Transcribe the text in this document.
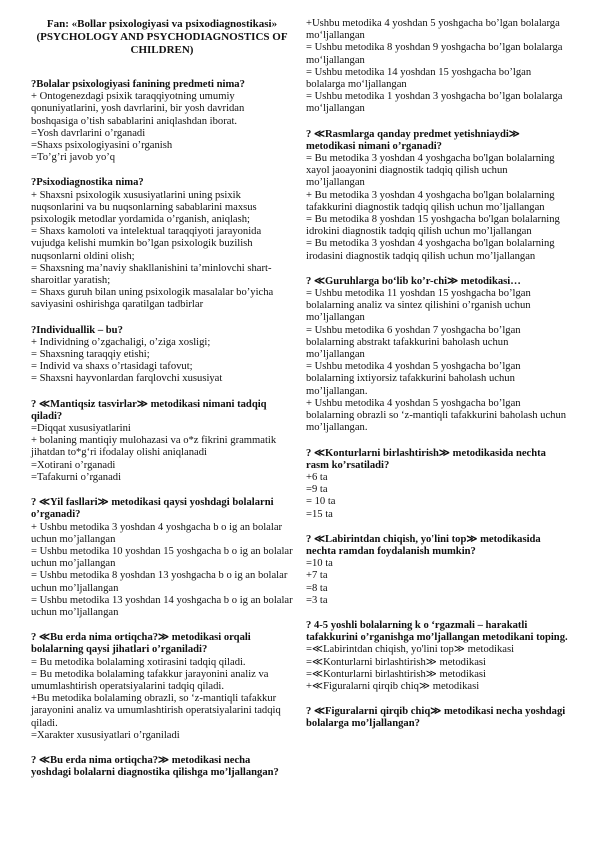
Fan: «Bollar psixologiyasi va psixodiagnostikasi»
(PSYCHOLOGY AND PSYCHODIAGNOSTICS OF CHILDREN)
?Bolalar psixologiyasi fanining predmeti nima?
+ Ontogenezdagi psixik taraqqiyotning umumiy qonuniyatlarini, yosh davrlarini, bir yosh davridan boshqasiga o’tish sabablarini aniqlashdan iborat.
=Yosh davrlarini o’rganadi
=Shaxs psixologiyasini o’rganish
=To’g’ri javob yo’q
?Psixodiagnostika nima?
+ Shaxsni psixologik xususiyatlarini uning psixik nuqsonlarini va bu nuqsonlarning sabablarini maxsus psixologik metodlar yordamida o’rganish, aniqlash;
= Shaxs kamoloti va intelektual taraqqiyoti jarayonida vujudga kelishi mumkin bo’lgan psixologik buzilish nuqsonlarni oldini olish;
= Shaxsning ma’naviy shakllanishini ta’minlovchi shart- sharoitlar yaratish;
= Shaxs guruh bilan uning psixologik masalalar bo’yicha saviyasini oshirishga qaratilgan tadbirlar
?Individuallik – bu?
+ Individning o’zgachaligi, o’ziga xosligi;
= Shaxsning taraqqiy etishi;
= Individ va shaxs o’rtasidagi tafovut;
= Shaxsni hayvonlardan farqlovchi xususiyat
? ≪Mantiqsiz tasvirlar≫ metodikasi nimani tadqiq qiladi?
=Diqqat xususiyatlarini
+ bolaning mantiqiy mulohazasi va o*z fikrini grammatik jihatdan to*g‘ri ifodalay olishi aniqlanadi
=Xotirani o’rganadi
=Tafakurni o’rganadi
? ≪Yil fasllari≫ metodikasi qaysi yoshdagi bolalarni o’rganadi?
+ Ushbu metodika 3 yoshdan 4 yoshgacha b o ig an bolalar uchun mo’jallangan
= Ushbu metodika 10 yoshdan 15 yoshgacha b o ig an bolalar uchun mo’jallangan
= Ushbu metodika 8 yoshdan 13 yoshgacha b o ig an bolalar uchun mo’ljallangan
= Ushbu metodika 13 yoshdan 14 yoshgacha b o ig an bolalar uchun mo’ljallangan
? ≪Bu erda nima ortiqcha?≫ metodikasi orqali bolalarning qaysi jihatlari o’rganiladi?
= Bu metodika bolalaming xotirasini tadqiq qiladi.
= Bu metodika bolalaming tafakkur jarayonini analiz va umumlashtirish operatsiyalarini tadqiq qiladi.
+Bu metodika bolalaming obrazli, so ‘z-mantiqli tafakkur jarayonini analiz va umumlashtirish operatsiyalarini tadqiq qiladi.
=Xarakter xususiyatlari o’rganiladi
? ≪Bu erda nima ortiqcha?≫ metodikasi necha yoshdagi bolalarni diagnostika qilishga mo’ljallangan?
+Ushbu metodika 4 yoshdan 5 yoshgacha bo’lgan bolalarga mo‘ljallangan
= Ushbu metodika 8 yoshdan 9 yoshgacha bo’lgan bolalarga mo‘ljallangan
= Ushbu metodika 14 yoshdan 15 yoshgacha bo’lgan bolalarga mo‘ljallangan
= Ushbu metodika 1 yoshdan 3 yoshgacha bo’lgan bolalarga mo‘ljallangan
? ≪Rasmlarga qanday predmet yetishniaydi≫ metodikasi nimani o’rganadi?
= Bu metodika 3 yoshdan 4 yoshgacha bo'lgan bolalarning xayol jaoayonini diagnostik tadqiq qilish uchun mo’ljallangan
+ Bu metodika 3 yoshdan 4 yoshgacha bo'lgan bolalarning tafakkurini diagnostik tadqiq qilish uchun mo’ljallangan
= Bu metodika 8 yoshdan 15 yoshgacha bo'lgan bolalarning idrokini diagnostik tadqiq qilish uchun mo’ljallangan
= Bu metodika 3 yoshdan 4 yoshgacha bo'lgan bolalarning irodasini diagnostik tadqiq qilish uchun mo’ljallangan
? ≪Guruhlarga bo‘lib ko’r-chi≫ metodikasi…
= Ushbu metodika 11 yoshdan 15 yoshgacha bo’lgan bolalarning analiz va sintez qilishini o’rganish uchun mo’ljallangan
= Ushbu metodika 6 yoshdan 7 yoshgacha bo’lgan bolalarning abstrakt tafakkurini baholash uchun mo’ljallangan
= Ushbu metodika 4 yoshdan 5 yoshgacha bo’lgan bolalarning ixtiyorsiz tafakkurini baholash uchun mo’ljallangan.
+ Ushbu metodika 4 yoshdan 5 yoshgacha bo’lgan bolalarning obrazli so ‘z-mantiqli tafakkurini baholash uchun mo’ljallangan.
? ≪Konturlarni birlashtirish≫ metodikasida nechta rasm ko’rsatiladi?
+6 ta
=9 ta
= 10 ta
=15 ta
? ≪Labirintdan chiqish, yo'lini top≫ metodikasida nechta ramdan foydalanish mumkin?
=10 ta
+7 ta
=8 ta
=3 ta
? 4-5 yoshli bolalarning k o ‘rgazmali – harakatli tafakkurini o’rganishga mo’ljallangan metodikani toping.
=≪Labirintdan chiqish, yo'lini top≫ metodikasi
=≪Konturlarni birlashtirish≫ metodikasi
=≪Konturlarni birlashtirish≫ metodikasi
+≪Figuralarni qirqib chiq≫ metodikasi
? ≪Figuralarni qirqib chiq≫ metodikasi necha yoshdagi bolalarga mo’ljallangan?
